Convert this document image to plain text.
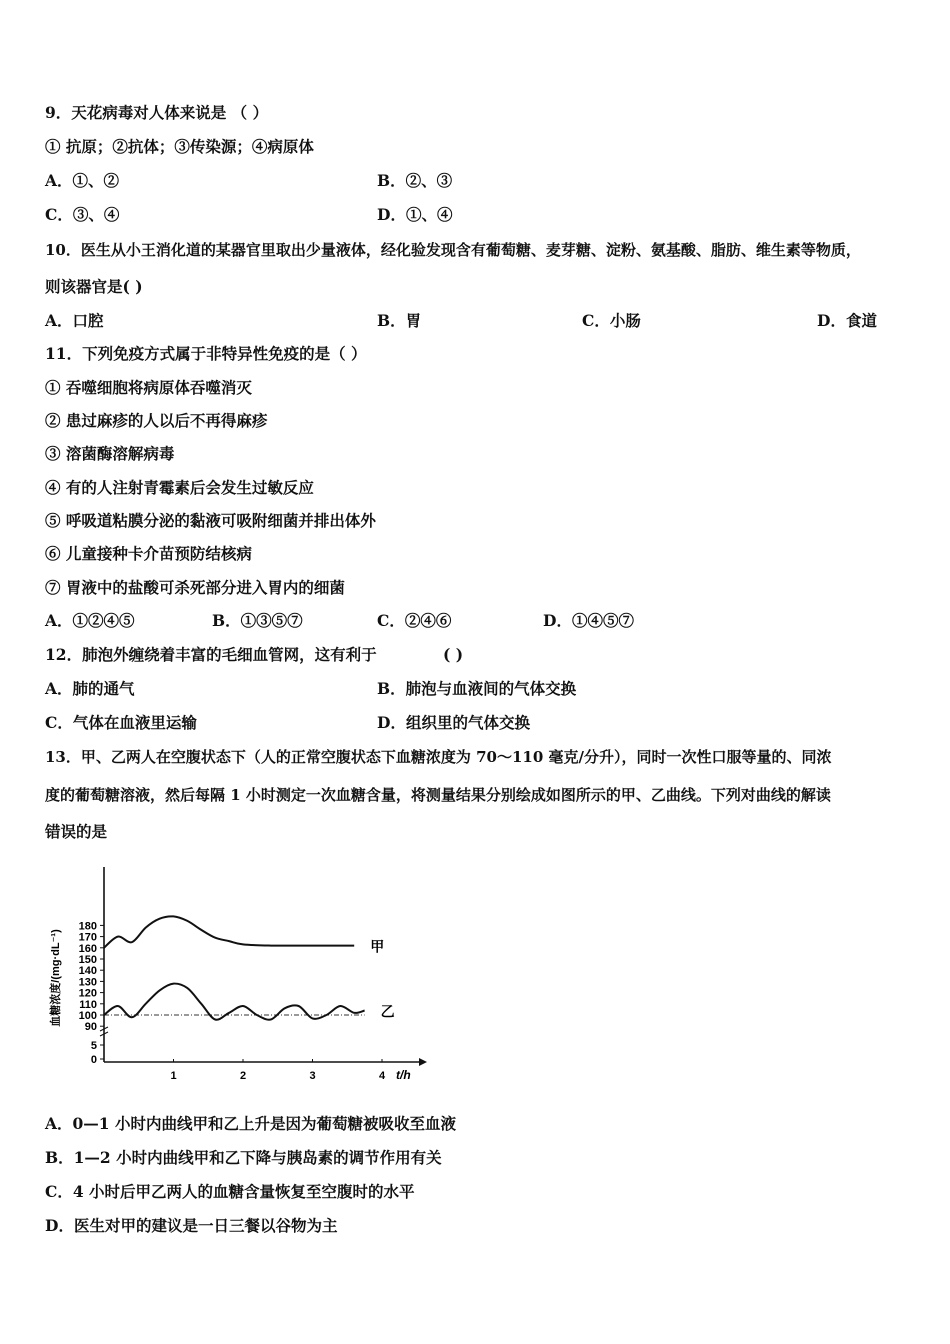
9．天花病毒对人体来说是 （ ）
① 抗原；②抗体；③传染源；④病原体
A．①、②	B．②、③
C．③、④	D．①、④
10．医生从小王消化道的某器官里取出少量液体，经化验发现含有葡萄糖、麦芽糖、淀粉、氨基酸、脂肪、维生素等物质，
则该器官是( )
A．口腔	B．胃	C．小肠	D．食道
11．下列免疫方式属于非特异性免疫的是（ ）
① 吞噬细胞将病原体吞噬消灭
② 患过麻疹的人以后不再得麻疹
③ 溶菌酶溶解病毒
④ 有的人注射青霉素后会发生过敏反应
⑤ 呼吸道粘膜分泌的黏液可吸附细菌并排出体外
⑥ 儿童接种卡介苗预防结核病
⑦ 胃液中的盐酸可杀死部分进入胃内的细菌
A．①②④⑤	B．①③⑤⑦	C．②④⑥	D．①④⑤⑦
12．肺泡外缠绕着丰富的毛细血管网，这有利于	( )
A．肺的通气	B．肺泡与血液间的气体交换
C．气体在血液里运输	D．组织里的气体交换
13．甲、乙两人在空腹状态下（人的正常空腹状态下血糖浓度为 70～110 毫克/分升），同时一次性口服等量的、同浓
度的葡萄糖溶液，然后每隔 1 小时测定一次血糖含量，将测量结果分别绘成如图所示的甲、乙曲线。下列对曲线的解读
错误的是
0
5
90
100
110
120
130
140
150
160
170
180
1	2	3	4
甲
乙
血糖浓度/(mg·dL⁻¹)
t/h
A．0—1 小时内曲线甲和乙上升是因为葡萄糖被吸收至血液
B．1—2 小时内曲线甲和乙下降与胰岛素的调节作用有关
C．4 小时后甲乙两人的血糖含量恢复至空腹时的水平
D．医生对甲的建议是一日三餐以谷物为主
